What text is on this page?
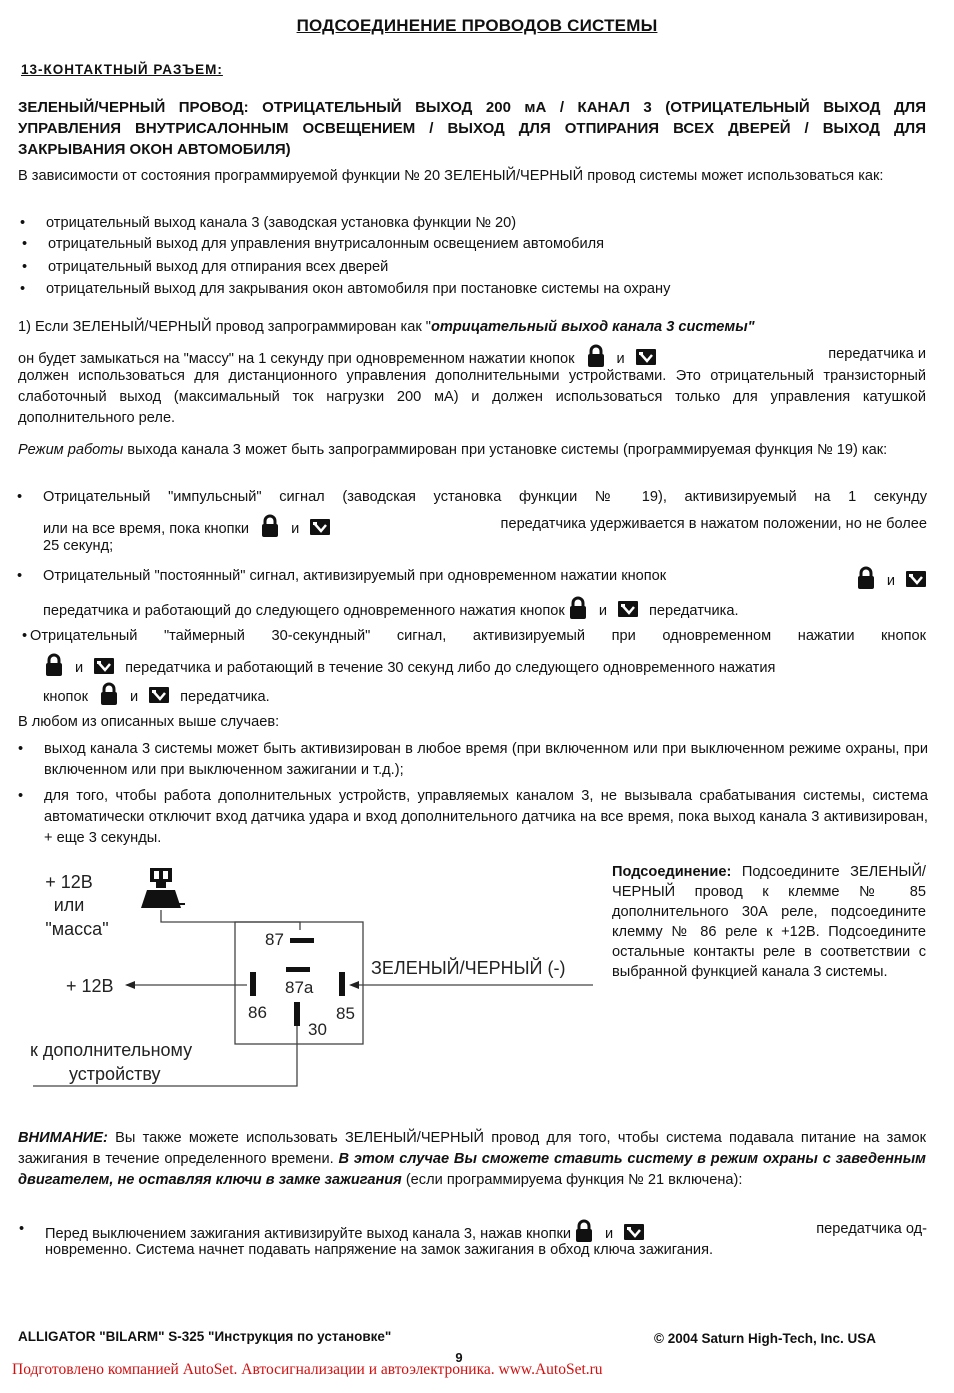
ПОДСОЕДИНЕНИЕ ПРОВОДОВ СИСТЕМЫ
13-КОНТАКТНЫЙ РАЗЪЕМ:
ЗЕЛЕНЫЙ/ЧЕРНЫЙ ПРОВОД: ОТРИЦАТЕЛЬНЫЙ ВЫХОД 200 мА / КАНАЛ 3 (ОТРИЦАТЕЛЬНЫЙ ВЫХОД ДЛЯ УПРАВЛЕНИЯ ВНУТРИСАЛОННЫМ ОСВЕЩЕНИЕМ / ВЫХОД ДЛЯ ОТПИРАНИЯ ВСЕХ ДВЕРЕЙ / ВЫХОД ДЛЯ ЗАКРЫВАНИЯ ОКОН АВТОМОБИЛЯ)
В зависимости от состояния программируемой функции № 20 ЗЕЛЕНЫЙ/ЧЕРНЫЙ провод системы может использоваться как:
• отрицательный выход канала 3 (заводская установка функции № 20)
• отрицательный выход для управления внутрисалонным освещением автомобиля
• отрицательный выход для отпирания всех дверей
• отрицательный выход для закрывания окон автомобиля при постановке системы на охрану
1) Если ЗЕЛЕНЫЙ/ЧЕРНЫЙ провод запрограммирован как "отрицательный выход канала 3 системы"
он будет замыкаться на "массу" на 1 секунду при одновременном нажатии кнопок	и	передатчика и
должен использоваться для дистанционного управления дополнительными устройствами. Это отрицательный транзисторный слаботочный выход (максимальный ток нагрузки 200 мА) и должен использоваться только для управления катушкой дополнительного реле.
Режим работы выхода канала 3 может быть запрограммирован при установке системы (программируемая функция № 19) как:
• Отрицательный "импульсный" сигнал (заводская установка функции № 19), активизируемый на 1 секунду
или на все время, пока кнопки	и	передатчика удерживается в нажатом положении, но не более
25 секунд;
• Отрицательный "постоянный" сигнал, активизируемый при одновременном нажатии кнопок	и
передатчика и работающий до следующего одновременного нажатия кнопок и	передатчика.
• Отрицательный "таймерный 30-секундный" сигнал, активизируемый при одновременном нажатии кнопок
и	передатчика и работающий в течение 30 секунд либо до следующего одновременного нажатия
кнопок	и	передатчика.
В любом из описанных выше случаев:
• выход канала 3 системы может быть активизирован в любое время (при включенном или при выключенном режиме охраны, при включенном или при выключенном зажигании и т.д.);
• для того, чтобы работа дополнительных устройств, управляемых каналом 3, не вызывала срабатывания системы, система автоматически отключит вход датчика удара и вход дополнительного датчика на все время, пока выход канала 3 активизирован, + еще 3 секунды.
87
87a
86	85
30
+ 12В
или
"масса"
+ 12В
ЗЕЛЕНЫЙ/ЧЕРНЫЙ (-)
к дополнительному
устройству
Подсоединение: Подсоедините ЗЕЛЕНЫЙ/ЧЕРНЫЙ провод к клемме № 85 дополнительного 30А реле, подсоедините клемму № 86 реле к +12В. Подсоедините остальные контакты реле в соответствии с выбранной функцией канала 3 системы.
ВНИМАНИЕ: Вы также можете использовать ЗЕЛЕНЫЙ/ЧЕРНЫЙ провод для того, чтобы система подавала питание на замок зажигания в течение определенного времени. В этом случае Вы сможете ставить систему в режим охраны с заведенным двигателем, не оставляя ключи в замке зажигания (если программируема функция № 21 включена):
• Перед выключением зажигания активизируйте выход канала 3, нажав кнопки и	передатчика од-
новременно. Система начнет подавать напряжение на замок зажигания в обход ключа зажигания.
ALLIGATOR "BILARM" S-325 "Инструкция по установке"	© 2004 Saturn High-Tech, Inc. USA
9
Подготовлено компанией AutoSet. Автосигнализации и автоэлектроника. www.AutoSet.ru
